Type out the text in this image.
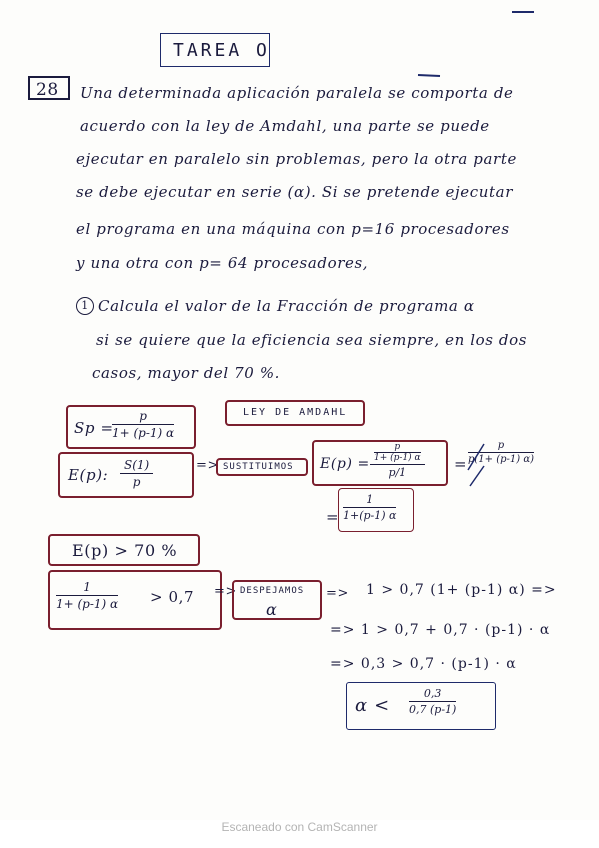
TAREA O
28 Una determinada aplicación paralela se comporta de
acuerdo con la ley de Amdahl, una parte se puede
ejecutar en paralelo sin problemas, pero la otra parte
se debe ejecutar en serie (α). Si se pretende ejecutar
el programa en una máquina con p=16 procesadores
y una otra con p= 64 procesadores,
1 Calcula el valor de la Fracción de programa α
si se quiere que la eficiencia sea siempre, en los dos
casos, mayor del 70 %.
Sp =
$\frac{p}{1+ (p-1) \alpha}$	LEY DE AMDAHL
E(p): $\frac{S(1)}{p}$	=> SUSTITUIMOS E(p) =
p
1+ (p-1) α
p/1	= $\frac{p}{p(1+ (p-1) \alpha)}$
= $\frac{1}{1+(p-1) \alpha}$
E(p) > 70 %
$\frac{1}{1+ (p-1) \alpha} > 0,7$ => DESPEJAMOS
α
=> 1 > 0,7 (1+ (p-1) α) =>
=> 1 > 0,7 + 0,7 · (p-1) · α
=> 0,3 > 0,7 · (p-1) · α
$\alpha < \frac{0,3}{0,7 (p-1)}$
Escaneado con CamScanner
